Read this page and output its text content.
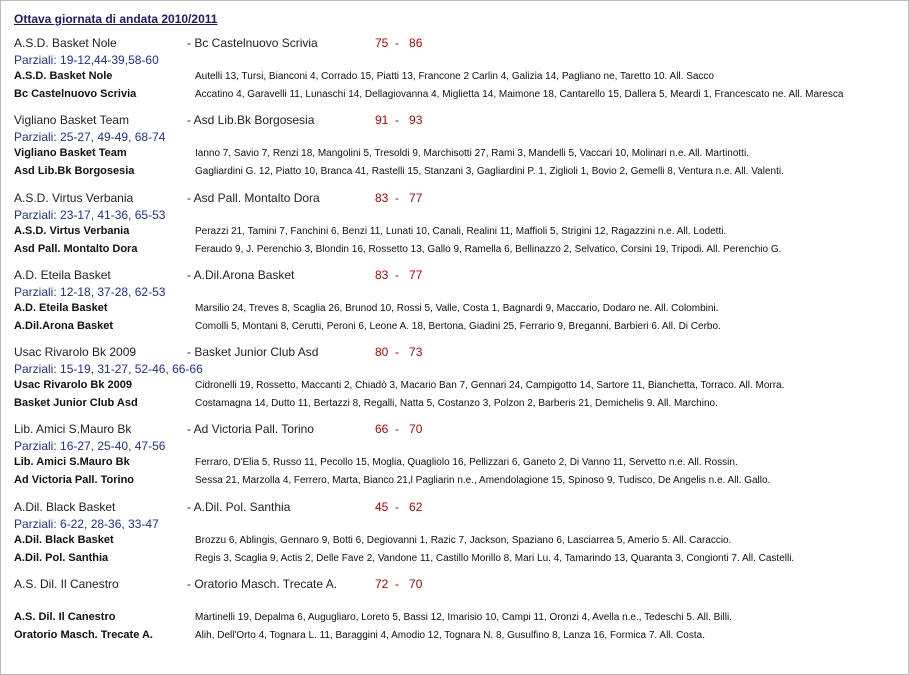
Ottava giornata di andata 2010/2011
A.S.D. Basket Nole	- Bc Castelnuovo Scrivia	75  -   86
Parziali: 19-12,44-39,58-60
A.S.D. Basket Nole	Autelli 13, Tursi, Bianconi 4, Corrado 15, Piatti 13, Francone 2 Carlin 4, Galizia 14, Pagliano ne, Taretto 10. All. Sacco
Bc Castelnuovo Scrivia	Accatino 4, Garavelli 11, Lunaschi 14, Dellagiovanna 4, Miglietta 14, Maimone 18, Cantarello 15, Dallera 5, Meardi 1, Francescato ne. All. Maresca
Vigliano Basket Team	- Asd Lib.Bk Borgosesia	91  -   93
Parziali: 25-27, 49-49, 68-74
Vigliano Basket Team	Ianno 7, Savio 7, Renzi 18, Mangolini 5, Tresoldi 9, Marchisotti 27, Rami 3, Mandelli 5, Vaccari 10, Molinari n.e. All. Martinotti.
Asd Lib.Bk Borgosesia	Gagliardini G. 12, Piatto 10, Branca 41, Rastelli 15, Stanzani 3, Gagliardini P. 1, Ziglioli 1, Bovio 2, Gemelli 8, Ventura n.e. All. Valenti.
A.S.D. Virtus Verbania	- Asd Pall. Montalto Dora	83  -   77
Parziali: 23-17, 41-36, 65-53
A.S.D. Virtus Verbania	Perazzi 21, Tamini 7, Fanchini 6, Benzi 11, Lunati 10, Canali, Realini 11, Maffioli 5, Strigini 12, Ragazzini n.e. All. Lodetti.
Asd Pall. Montalto Dora	Feraudo 9, J. Perenchio 3, Blondin 16, Rossetto 13, Gallo 9, Ramella 6, Bellinazzo 2, Selvatico, Corsini 19, Tripodi. All. Perenchio G.
A.D. Eteila Basket	- A.Dil.Arona Basket	83  -   77
Parziali: 12-18, 37-28, 62-53
A.D. Eteila Basket	Marsilio 24, Treves 8, Scaglia 26, Brunod 10, Rossi 5, Valle, Costa 1, Bagnardi 9, Maccario, Dodaro ne. All. Colombini.
A.Dil.Arona Basket	Comolli 5, Montani 8, Cerutti, Peroni 6, Leone A. 18, Bertona, Giadini 25, Ferrario 9, Breganni, Barbieri 6. All. Di Cerbo.
Usac Rivarolo Bk 2009	- Basket Junior Club Asd	80  -   73
Parziali: 15-19, 31-27, 52-46, 66-66
Usac Rivarolo Bk 2009	Cidronelli 19, Rossetto, Maccanti 2, Chiadò 3, Macario Ban 7, Gennari 24, Campigotto 14, Sartore 11, Bianchetta, Torraco. All. Morra.
Basket Junior Club Asd	Costamagna 14, Dutto 11, Bertazzi 8, Regalli, Natta 5, Costanzo 3, Polzon 2, Barberis 21, Demichelis 9. All. Marchino.
Lib. Amici S.Mauro Bk	- Ad Victoria Pall. Torino	66  -   70
Parziali: 16-27, 25-40, 47-56
Lib. Amici S.Mauro Bk	Ferraro, D'Elia 5, Russo 11, Pecollo 15, Moglia, Quagliolo 16, Pellizzari 6, Ganeto 2, Di Vanno 11, Servetto n.e. All. Rossin.
Ad Victoria Pall. Torino	Sessa 21, Marzolla 4, Ferrero, Marta, Bianco 21,l Pagliarin n.e., Amendolagione 15, Spinoso 9, Tudisco, De Angelis n.e. All. Gallo.
A.Dil. Black Basket	- A.Dil. Pol. Santhia	45  -   62
Parziali: 6-22, 28-36, 33-47
A.Dil. Black Basket	Brozzu 6, Ablingis, Gennaro 9, Botti 6, Degiovanni 1, Razic 7, Jackson, Spaziano 6, Lasciarrea 5, Amerio 5. All. Caraccio.
A.Dil. Pol. Santhia	Regis 3, Scaglia 9, Actis 2, Delle Fave 2, Vandone 11, Castillo Morillo 8, Mari Lu. 4, Tamarindo 13, Quaranta 3, Congionti 7. All. Castelli.
A.S. Dil. Il Canestro	- Oratorio Masch. Trecate A.	72  -   70
A.S. Dil. Il Canestro	Martinelli 19, Depalma 6, Auguglia​ro, Loreto 5, Bassi 12, Imarisio 10, Campi 11, Oronzi 4, Avella n.e., Tedeschi 5. All. Billi.
Oratorio Masch. Trecate A.	Alih, Dell'Orto 4, Tognara L. 11, Baraggini 4, Amodio 12, Tognara N. 8, Gusulfino 8, Lanza 16, Formica 7. All. Costa.
